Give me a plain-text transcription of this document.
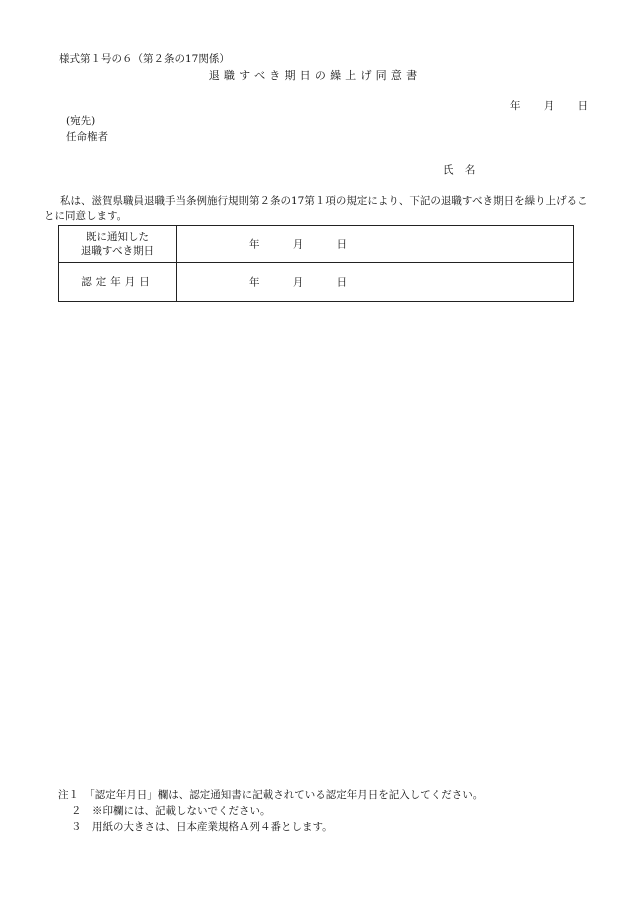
様式第１号の６（第２条の17関係）
退職すべき期日の繰上げ同意書
年 月 日
(宛先)
任命権者
氏 名
私は、滋賀県職員退職手当条例施行規則第２条の17第１項の規定により、下記の退職すべき期日を繰り上げることに同意します。
既に通知した
退職すべき期日	年 月 日

認定年月日	年 月 日
注１　「認定年月日」欄は、認定通知書に記載されている認定年月日を記入してください。
２　※印欄には、記載しないでください。
３　用紙の大きさは、日本産業規格Ａ列４番とします。
